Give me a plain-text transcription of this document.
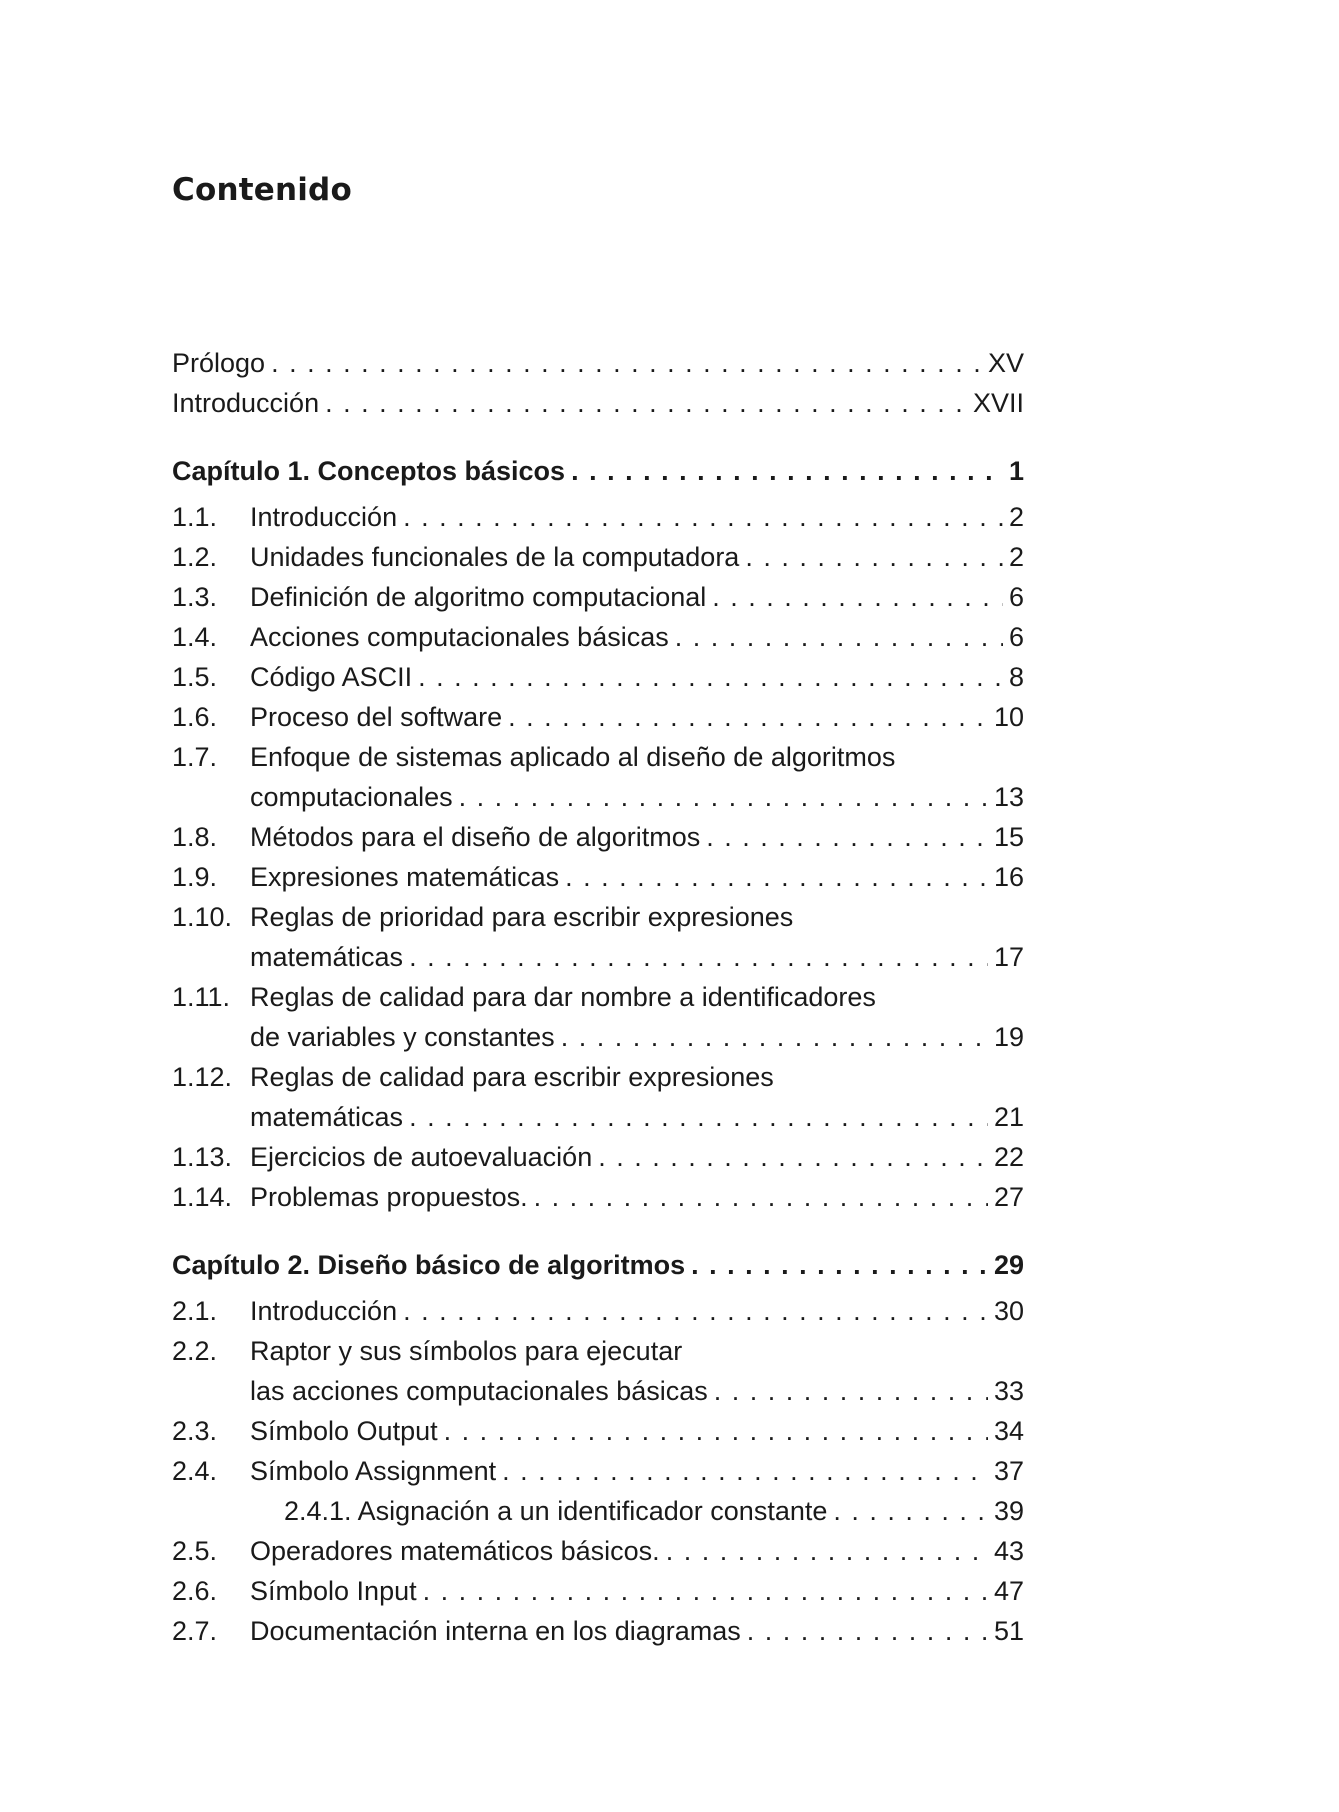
Contenido
Prólogo . . .	XV
Introducción . . .	XVII
Capítulo 1. Conceptos básicos . . .	1
1.1.	Introducción . . .	2
1.2.	Unidades funcionales de la computadora . . .	2
1.3.	Definición de algoritmo computacional . . .	6
1.4.	Acciones computacionales básicas . . .	6
1.5.	Código ASCII . . .	8
1.6.	Proceso del software . . .	10
1.7.	Enfoque de sistemas aplicado al diseño de algoritmos
computacionales . . .	13
1.8.	Métodos para el diseño de algoritmos . . .	15
1.9.	Expresiones matemáticas . . .	16
1.10. Reglas de prioridad para escribir expresiones
matemáticas . . .	17
1.11. Reglas de calidad para dar nombre a identificadores
de variables y constantes . . .	19
1.12. Reglas de calidad para escribir expresiones
matemáticas . . .	21
1.13. Ejercicios de autoevaluación . . .	22
1.14. Problemas propuestos. . . .	27
Capítulo 2. Diseño básico de algoritmos . . .	29
2.1.	Introducción . . .	30
2.2.	Raptor y sus símbolos para ejecutar
las acciones computacionales básicas . . .	33
2.3.	Símbolo Output . . .	34
2.4.	Símbolo Assignment . . .	37
2.4.1. Asignación a un identificador constante . . .	39
2.5.	Operadores matemáticos básicos. . . .	43
2.6.	Símbolo Input . . .	47
2.7.	Documentación interna en los diagramas . . .	51
